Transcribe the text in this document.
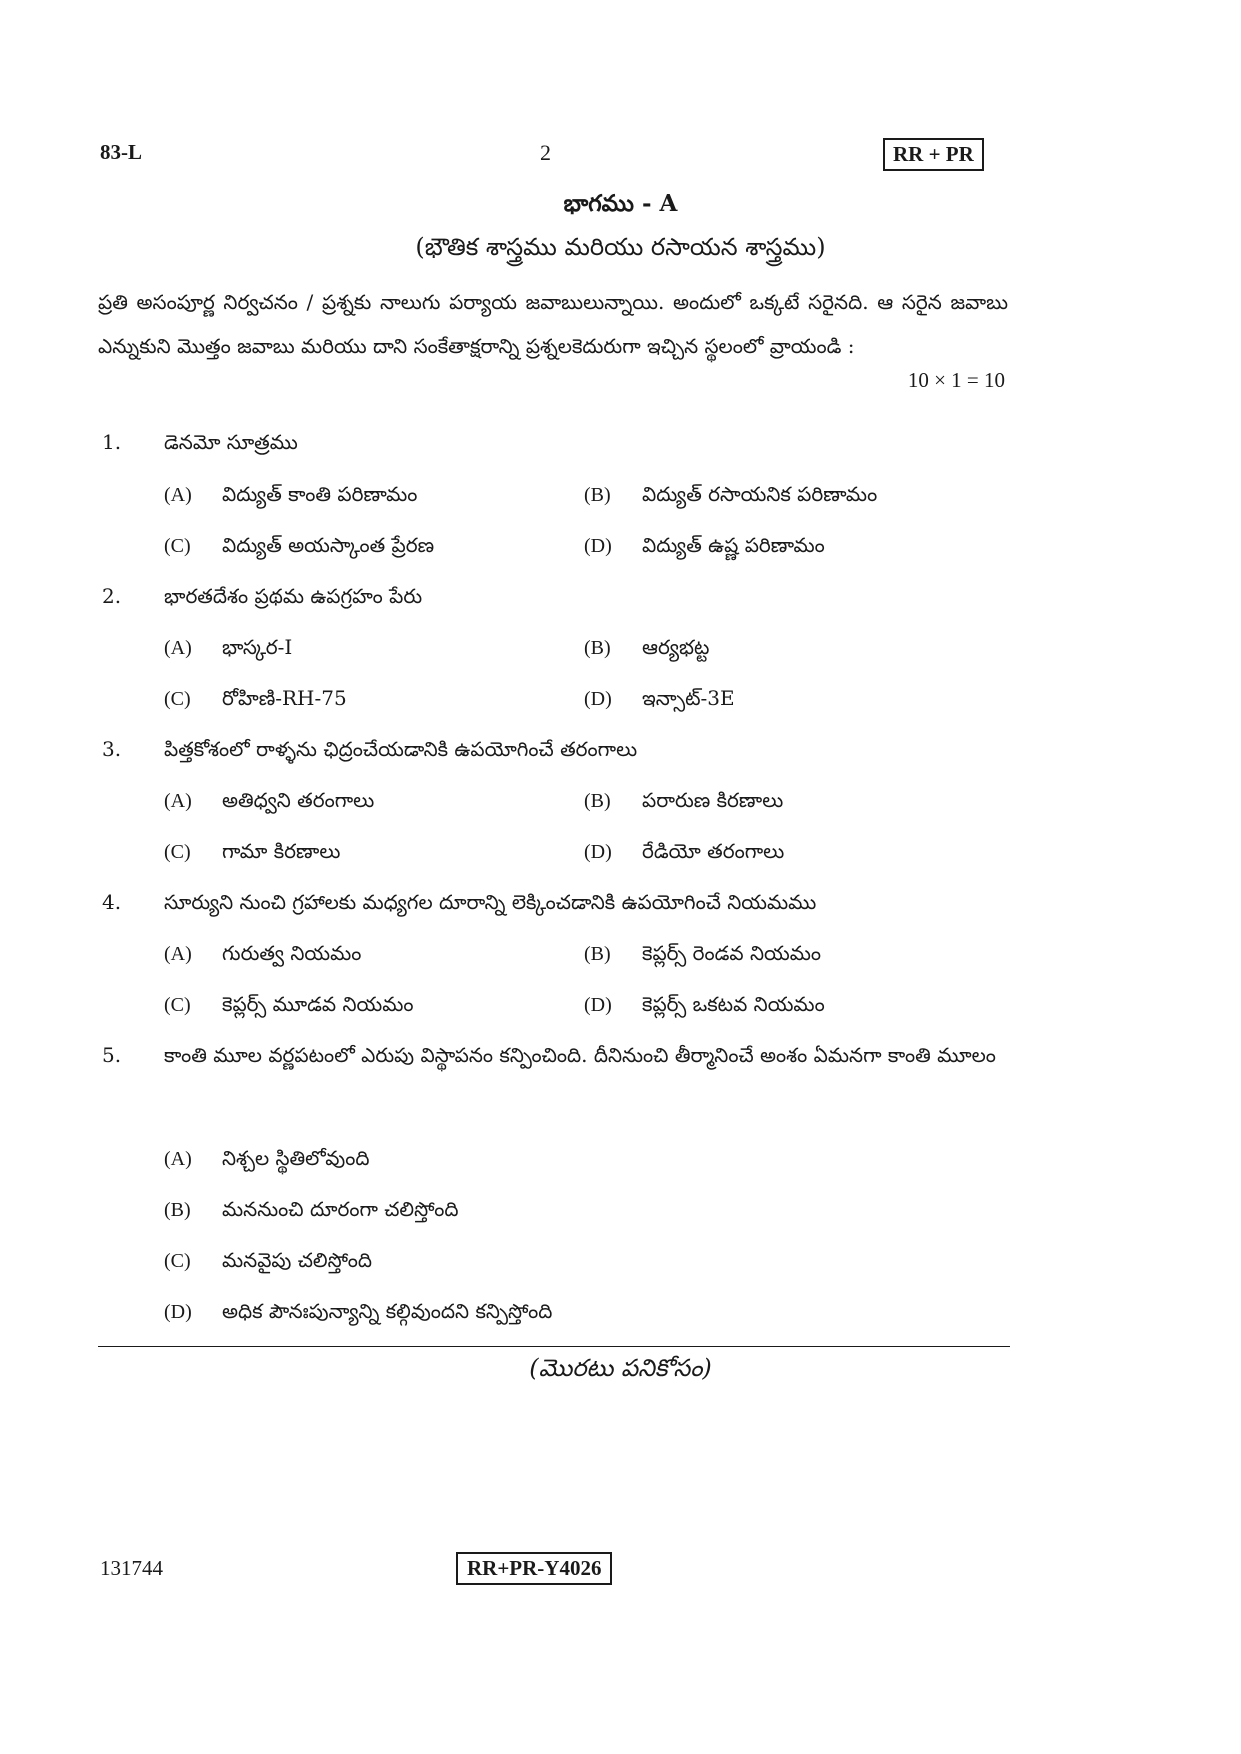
83-L	2	RR + PR
భాగము - A
(భౌతిక శాస్త్రము మరియు రసాయన శాస్త్రము)
ప్రతి అసంపూర్ణ నిర్వచనం / ప్రశ్నకు నాలుగు పర్యాయ జవాబులున్నాయి. అందులో ఒక్కటే సరైనది. ఆ సరైన జవాబు ఎన్నుకుని మొత్తం జవాబు మరియు దాని సంకేతాక్షరాన్ని ప్రశ్నలకెదురుగా ఇచ్చిన స్థలంలో వ్రాయండి :
10 × 1 = 10
1. డెనమో సూత్రము
(A) విద్యుత్ కాంతి పరిణామం	(B) విద్యుత్ రసాయనిక పరిణామం
(C) విద్యుత్ అయస్కాంత ప్రేరణ	(D) విద్యుత్ ఉష్ణ పరిణామం
2. భారతదేశం ప్రథమ ఉపగ్రహం పేరు
(A) భాస్కర-I	(B) ఆర్యభట్ట
(C) రోహిణి-RH-75	(D) ఇన్సాట్-3E
3. పిత్తకోశంలో రాళ్ళను ఛిద్రంచేయడానికి ఉపయోగించే తరంగాలు
(A) అతిధ్వని తరంగాలు	(B) పరారుణ కిరణాలు
(C) గామా కిరణాలు	(D) రేడియో తరంగాలు
4. సూర్యుని నుంచి గ్రహాలకు మధ్యగల దూరాన్ని లెక్కించడానికి ఉపయోగించే నియమము
(A) గురుత్వ నియమం	(B) కెప్లర్స్ రెండవ నియమం
(C) కెప్లర్స్ మూడవ నియమం	(D) కెప్లర్స్ ఒకటవ నియమం
5. కాంతి మూల వర్ణపటంలో ఎరుపు విస్థాపనం కన్పించింది. దీనినుంచి తీర్మానించే అంశం ఏమనగా కాంతి మూలం
(A) నిశ్చల స్థితిలోవుంది
(B) మననుంచి దూరంగా చలిస్తోంది
(C) మనవైపు చలిస్తోంది
(D) అధిక పౌనఃపున్యాన్ని కల్గివుందని కన్పిస్తోంది
(మొరటు పనికోసం)
131744	RR+PR-Y4026
